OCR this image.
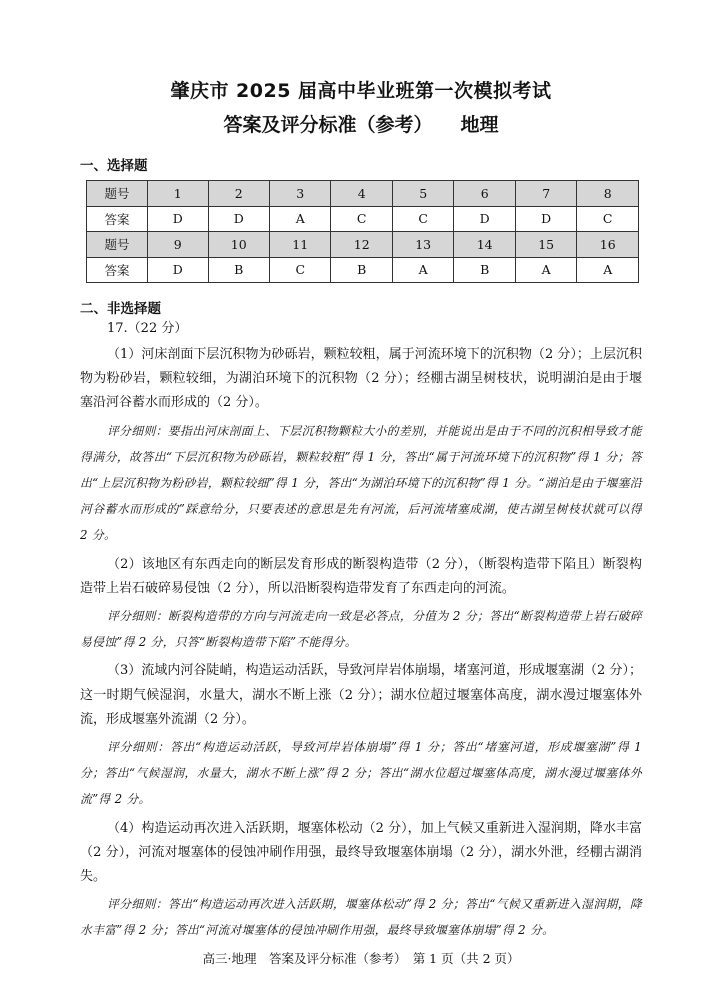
肇庆市 2025 届高中毕业班第一次模拟考试
答案及评分标准（参考） 地理
一、选择题
题号	1	2	3	4	5	6	7	8
答案	D	D	A	C	C	D	D	C
题号	9	10	11	12	13	14	15	16
答案	D	B	C	B	A	B	A	A
二、非选择题
17.（22 分）

（1）河床剖面下层沉积物为砂砾岩，颗粒较粗，属于河流环境下的沉积物（2 分）；上层沉积物为粉砂岩，颗粒较细，为湖泊环境下的沉积物（2 分）；经棚古湖呈树枝状，说明湖泊是由于堰塞沿河谷蓄水而形成的（2 分）。

评分细则：要指出河床剖面上、下层沉积物颗粒大小的差别，并能说出是由于不同的沉积相导致才能得满分，故答出“下层沉积物为砂砾岩，颗粒较粗”得 1 分，答出“属于河流环境下的沉积物”得 1 分；答出“上层沉积物为粉砂岩，颗粒较细”得 1 分，答出“为湖泊环境下的沉积物”得 1 分。“湖泊是由于堰塞沿河谷蓄水而形成的”踩意给分，只要表述的意思是先有河流，后河流堵塞成湖，使古湖呈树枝状就可以得 2 分。

（2）该地区有东西走向的断层发育形成的断裂构造带（2 分），（断裂构造带下陷且）断裂构造带上岩石破碎易侵蚀（2 分），所以沿断裂构造带发育了东西走向的河流。

评分细则：断裂构造带的方向与河流走向一致是必答点，分值为 2 分；答出“断裂构造带上岩石破碎易侵蚀”得 2 分，只答“断裂构造带下陷”不能得分。

（3）流域内河谷陡峭，构造运动活跃，导致河岸岩体崩塌，堵塞河道，形成堰塞湖（2 分）；这一时期气候湿润，水量大，湖水不断上涨（2 分）；湖水位超过堰塞体高度，湖水漫过堰塞体外流，形成堰塞外流湖（2 分）。

评分细则：答出“构造运动活跃，导致河岸岩体崩塌”得 1 分；答出“堵塞河道，形成堰塞湖”得 1 分；答出“气候湿润，水量大，湖水不断上涨”得 2 分；答出“湖水位超过堰塞体高度，湖水漫过堰塞体外流”得 2 分。

（4）构造运动再次进入活跃期，堰塞体松动（2 分），加上气候又重新进入湿润期，降水丰富（2 分），河流对堰塞体的侵蚀冲刷作用强，最终导致堰塞体崩塌（2 分），湖水外泄，经棚古湖消失。

评分细则：答出“构造运动再次进入活跃期，堰塞体松动”得 2 分；答出“气候又重新进入湿润期，降水丰富”得 2 分；答出“河流对堰塞体的侵蚀冲刷作用强，最终导致堰塞体崩塌”得 2 分。

高三·地理　答案及评分标准（参考）　第 1 页（共 2 页）
